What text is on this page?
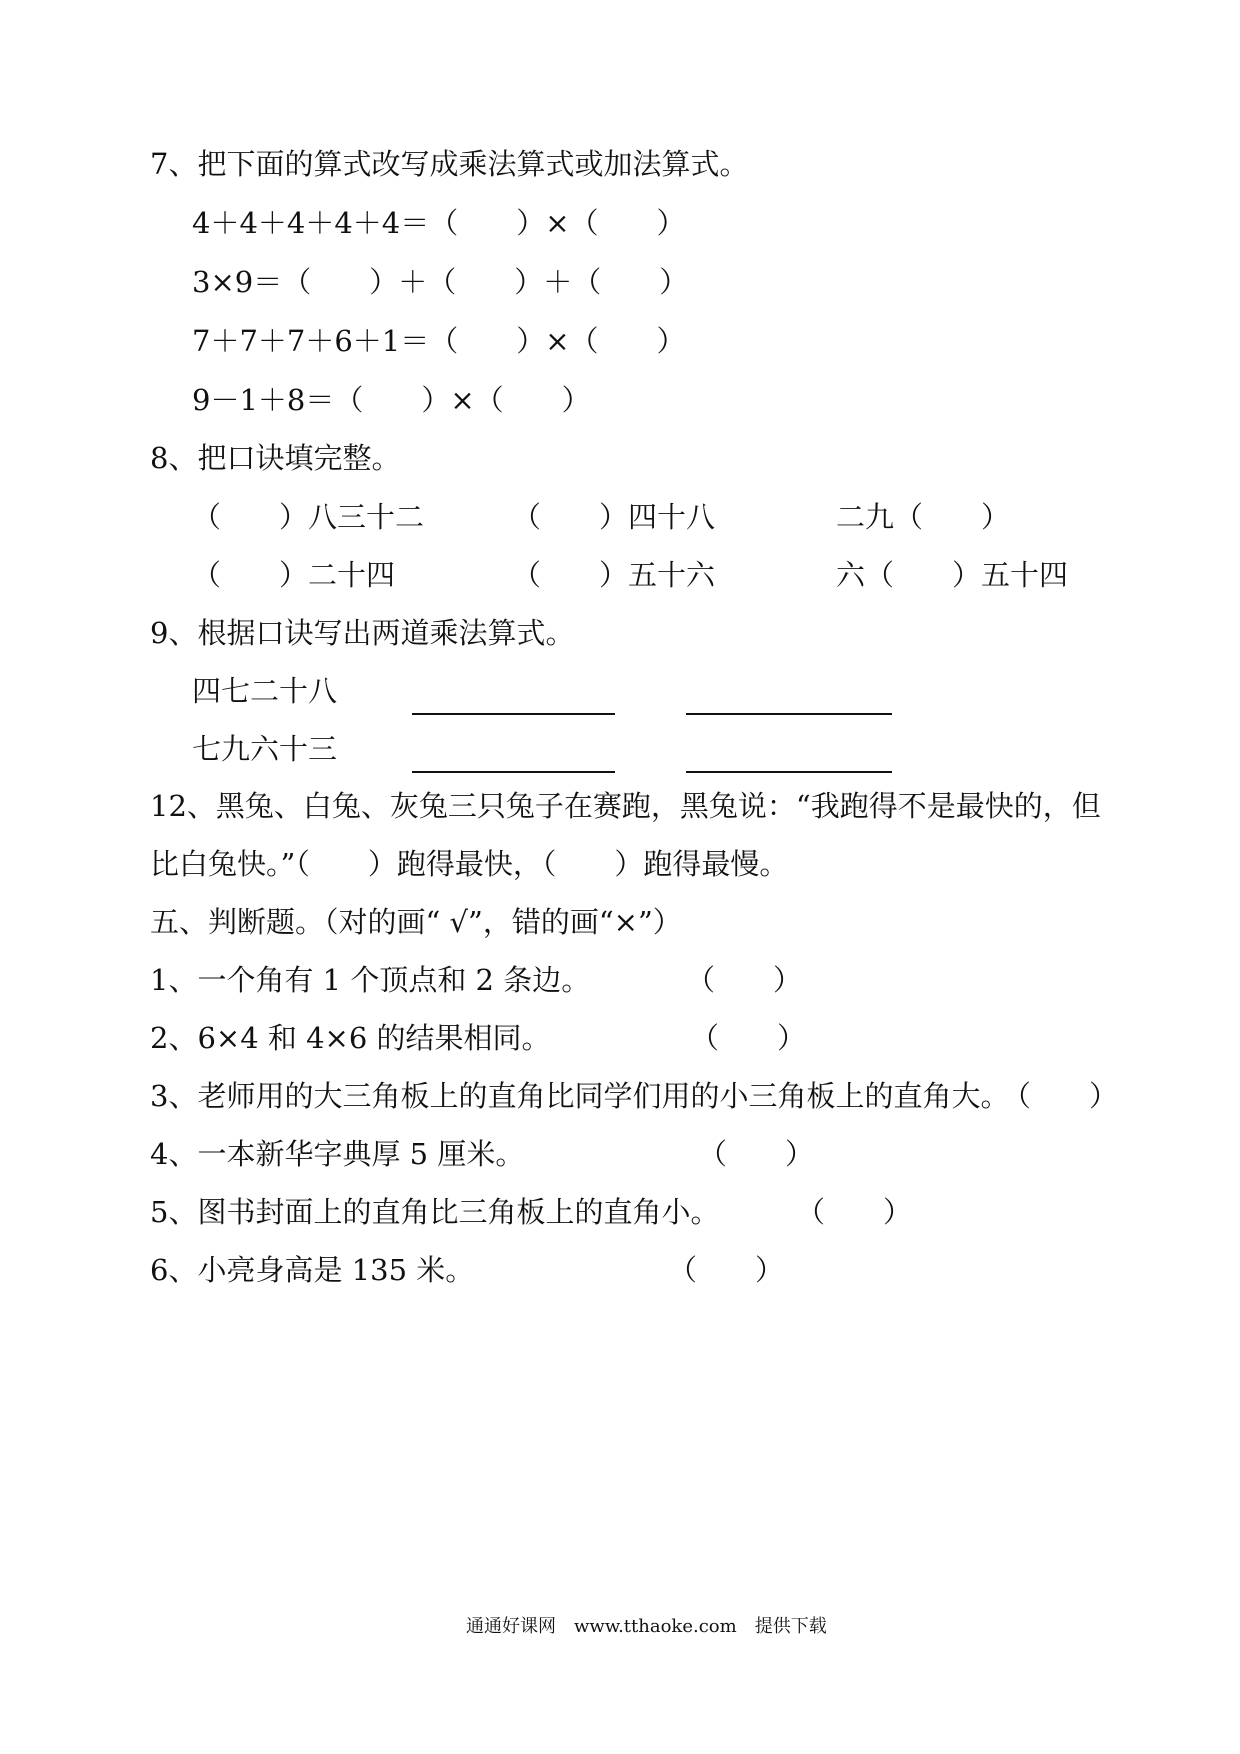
7、把下面的算式改写成乘法算式或加法算式。
4＋4＋4＋4＋4＝（　　）×（　　）
3×9＝（　　）＋（　　）＋（　　）
7＋7＋7＋6＋1＝（　　）×（　　）
9－1＋8＝（　　）×（　　）
8、把口诀填完整。
（　　）八三十二	（　　）四十八	二九（　　）
（　　）二十四	（　　）五十六	六（　　）五十四
9、根据口诀写出两道乘法算式。
四七二十八
七九六十三
12、黑兔、白兔、灰兔三只兔子在赛跑，黑兔说：“我跑得不是最快的，但
比白兔快。”（　　）跑得最快，（　　）跑得最慢。
五、判断题。（对的画“ √”，错的画“×”）
1、一个角有 1 个顶点和 2 条边。	（　　）
2、6×4 和 4×6 的结果相同。	（　　）
3、老师用的大三角板上的直角比同学们用的小三角板上的直角大。
（　　）
4、一本新华字典厚 5 厘米。	（　　）
5、图书封面上的直角比三角板上的直角小。	（　　）
6、小亮身高是 135 米。	（　　）
通通好课网　www.tthaoke.com　提供下载
